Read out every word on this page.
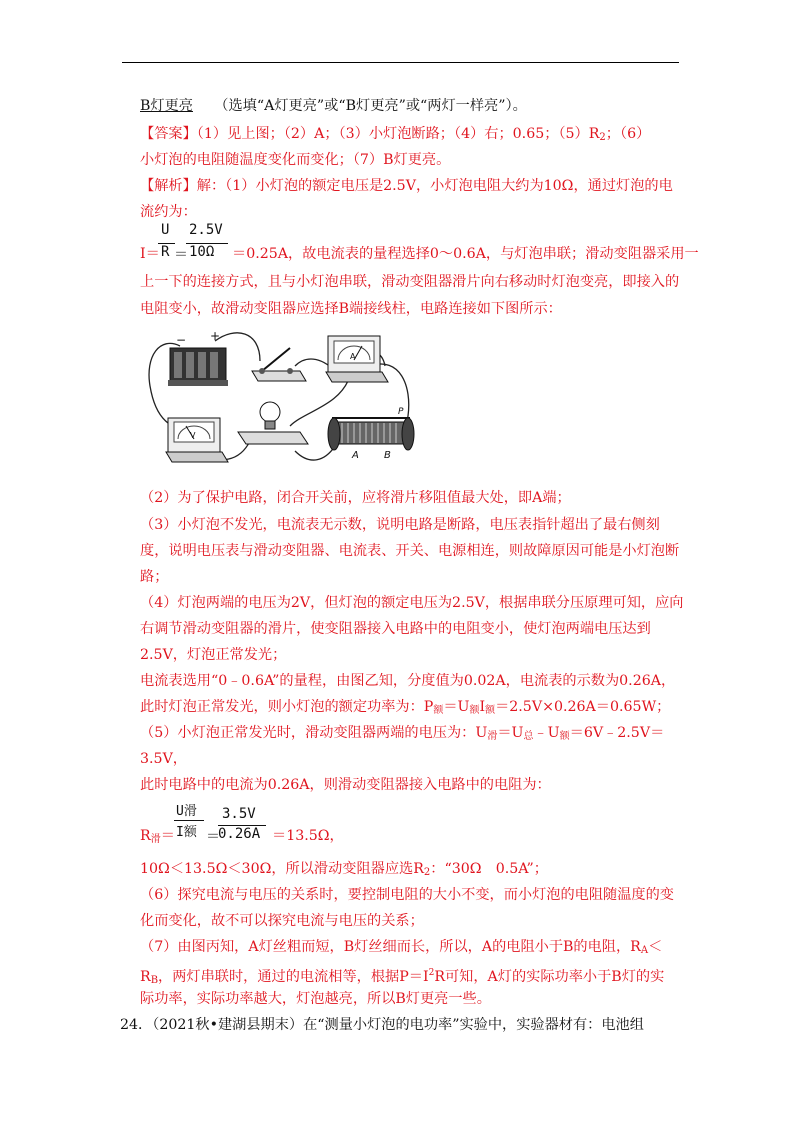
B灯更亮　　 （选填“A灯更亮”或“B灯更亮”或“两灯一样亮”）。
【答案】（1）见上图；（2）A；（3）小灯泡断路；（4）右；0.65；$(5)R_2$；（6）
小灯泡的电阻随温度变化而变化；（7）B灯更亮。
【解析】解：（1）小灯泡的额定电压是2.5V，小灯泡电阻大约为10Ω，通过灯泡的电
流约为：
I＝
U
R ＝
2.5V
10Ω ＝0.25A，故电流表的量程选择0～0.6A，与灯泡串联；滑动变阻器采用一
上一下的连接方式，且与小灯泡串联，滑动变阻器滑片向右移动时灯泡变亮，即接入的
电阻变小，故滑动变阻器应选择B端接线柱，电路连接如下图所示：
− +
A
V
A	B
P
（2）为了保护电路，闭合开关前，应将滑片移阻值最大处，即A端；
（3）小灯泡不发光，电流表无示数，说明电路是断路，电压表指针超出了最右侧刻
度，说明电压表与滑动变阻器、电流表、开关、电源相连，则故障原因可能是小灯泡断
路；
（4）灯泡两端的电压为2V，但灯泡的额定电压为2.5V，根据串联分压原理可知，应向
右调节滑动变阻器的滑片，使变阻器接入电路中的电阻变小，使灯泡两端电压达到
2.5V，灯泡正常发光；
电流表选用“0﹣0.6A”的量程，由图乙知，分度值为0.02A，电流表的示数为0.26A，
此时灯泡正常发光，则小灯泡的额定功率为：$P_额=U_额I_额=2.5V\times 0.26A=0.65W$；
（5）小灯泡正常发光时，滑动变阻器两端的电压为：$U_滑=U_总﹣U_额=6V﹣2.5V=$
3.5V，
此时电路中的电流为0.26A，则滑动变阻器接入电路中的电阻为：
$R_滑=$
U滑
I额 ＝
3.5V
0.26A ＝13.5Ω，
10Ω＜13.5Ω＜30Ω，所以滑动变阻器应选$R_2$：“30Ω　0.5A”；
（6）探究电流与电压的关系时，要控制电阻的大小不变，而小灯泡的电阻随温度的变
化而变化，故不可以探究电流与电压的关系；
（7）由图丙知，A灯丝粗而短，B灯丝细而长，所以，A的电阻小于B的电阻，$R_A<$
$R_B$，两灯串联时，通过的电流相等，根据$P=I^2R$可知，A灯的实际功率小于B灯的实
际功率，实际功率越大，灯泡越亮，所以B灯更亮一些。
24．（2021秋•建湖县期末）在“测量小灯泡的电功率”实验中，实验器材有：电池组
